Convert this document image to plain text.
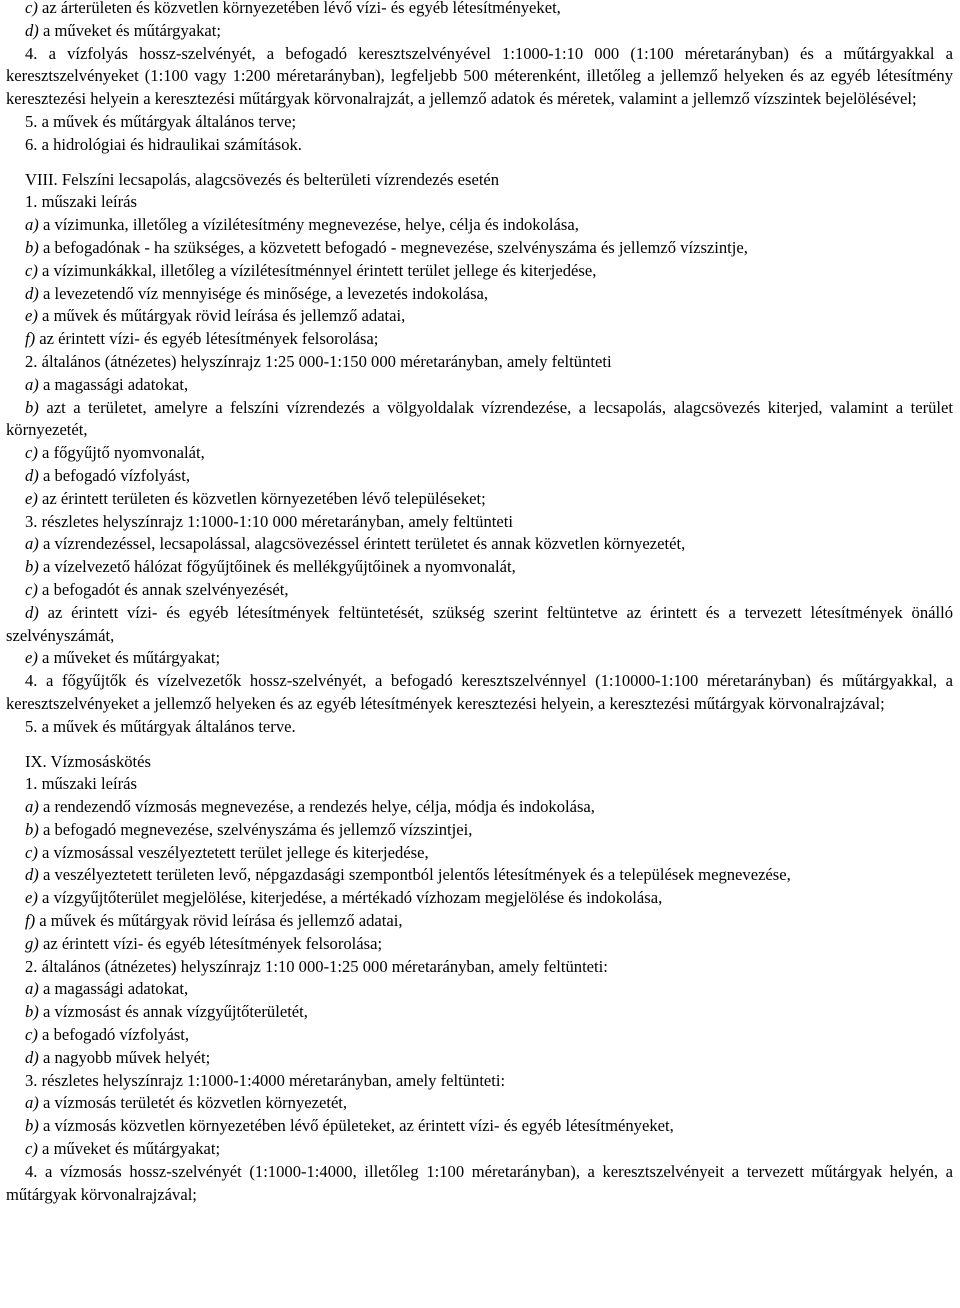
c) az árterületen és közvetlen környezetében lévő vízi- és egyéb létesítményeket,

d) a műveket és műtárgyakat;

4. a vízfolyás hossz-szelvényét, a befogadó keresztszelvényével 1:1000-1:10 000 (1:100 méretarányban) és a műtárgyakkal a keresztszelvényeket (1:100 vagy 1:200 méretarányban), legfeljebb 500 méterenként, illetőleg a jellemző helyeken és az egyéb létesítmény keresztezési helyein a keresztezési műtárgyak körvonalrajzát, a jellemző adatok és méretek, valamint a jellemző vízszintek bejelölésével;

5. a művek és műtárgyak általános terve;

6. a hidrológiai és hidraulikai számítások.

VIII. Felszíni lecsapolás, alagcsövezés és belterületi vízrendezés esetén

1. műszaki leírás

a) a vízimunka, illetőleg a vízilétesítmény megnevezése, helye, célja és indokolása,

b) a befogadónak - ha szükséges, a közvetett befogadó - megnevezése, szelvényszáma és jellemző vízszintje,

c) a vízimunkákkal, illetőleg a vízilétesítménnyel érintett terület jellege és kiterjedése,

d) a levezetendő víz mennyisége és minősége, a levezetés indokolása,

e) a művek és műtárgyak rövid leírása és jellemző adatai,

f) az érintett vízi- és egyéb létesítmények felsorolása;

2. általános (átnézetes) helyszínrajz 1:25 000-1:150 000 méretarányban, amely feltünteti

a) a magassági adatokat,

b) azt a területet, amelyre a felszíni vízrendezés a völgyoldalak vízrendezése, a lecsapolás, alagcsövezés kiterjed, valamint a terület környezetét,

c) a főgyűjtő nyomvonalát,

d) a befogadó vízfolyást,

e) az érintett területen és közvetlen környezetében lévő településeket;

3. részletes helyszínrajz 1:1000-1:10 000 méretarányban, amely feltünteti

a) a vízrendezéssel, lecsapolással, alagcsövezéssel érintett területet és annak közvetlen környezetét,

b) a vízelvezető hálózat főgyűjtőinek és mellékgyűjtőinek a nyomvonalát,

c) a befogadót és annak szelvényezését,

d) az érintett vízi- és egyéb létesítmények feltüntetését, szükség szerint feltüntetve az érintett és a tervezett létesítmények önálló szelvényszámát,

e) a műveket és műtárgyakat;

4. a főgyűjtők és vízelvezetők hossz-szelvényét, a befogadó keresztszelvénnyel (1:10000-1:100 méretarányban) és műtárgyakkal, a keresztszelvényeket a jellemző helyeken és az egyéb létesítmények keresztezési helyein, a keresztezési műtárgyak körvonalrajzával;

5. a művek és műtárgyak általános terve.

IX. Vízmosáskötés

1. műszaki leírás

a) a rendezendő vízmosás megnevezése, a rendezés helye, célja, módja és indokolása,

b) a befogadó megnevezése, szelvényszáma és jellemző vízszintjei,

c) a vízmosással veszélyeztetett terület jellege és kiterjedése,

d) a veszélyeztetett területen levő, népgazdasági szempontból jelentős létesítmények és a települések megnevezése,

e) a vízgyűjtőterület megjelölése, kiterjedése, a mértékadó vízhozam megjelölése és indokolása,

f) a művek és műtárgyak rövid leírása és jellemző adatai,

g) az érintett vízi- és egyéb létesítmények felsorolása;

2. általános (átnézetes) helyszínrajz 1:10 000-1:25 000 méretarányban, amely feltünteti:

a) a magassági adatokat,

b) a vízmosást és annak vízgyűjtőterületét,

c) a befogadó vízfolyást,

d) a nagyobb művek helyét;

3. részletes helyszínrajz 1:1000-1:4000 méretarányban, amely feltünteti:

a) a vízmosás területét és közvetlen környezetét,

b) a vízmosás közvetlen környezetében lévő épületeket, az érintett vízi- és egyéb létesítményeket,

c) a műveket és műtárgyakat;

4. a vízmosás hossz-szelvényét (1:1000-1:4000, illetőleg 1:100 méretarányban), a keresztszelvényeit a tervezett műtárgyak helyén, a műtárgyak körvonalrajzával;
